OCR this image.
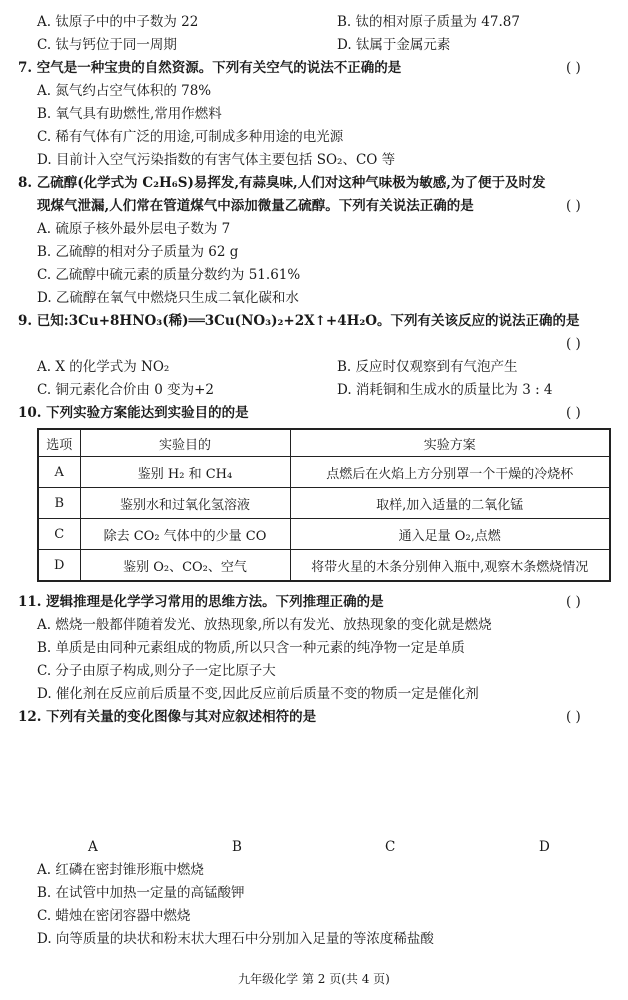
A. 钛原子中的中子数为 22	B. 钛的相对原子质量为 47.87
C. 钛与钙位于同一周期	D. 钛属于金属元素
7. 空气是一种宝贵的自然资源。下列有关空气的说法不正确的是	( )
A. 氮气约占空气体积的 78%
B. 氧气具有助燃性,常用作燃料
C. 稀有气体有广泛的用途,可制成多种用途的电光源
D. 目前计入空气污染指数的有害气体主要包括 SO₂、CO 等
8. 乙硫醇(化学式为 C₂H₆S)易挥发,有蒜臭味,人们对这种气味极为敏感,为了便于及时发
现煤气泄漏,人们常在管道煤气中添加微量乙硫醇。下列有关说法正确的是	( )
A. 硫原子核外最外层电子数为 7
B. 乙硫醇的相对分子质量为 62 g
C. 乙硫醇中硫元素的质量分数约为 51.61%
D. 乙硫醇在氧气中燃烧只生成二氧化碳和水
9. 已知:3Cu+8HNO₃(稀)══3Cu(NO₃)₂+2X↑+4H₂O。下列有关该反应的说法正确的是
( )
A. X 的化学式为 NO₂	B. 反应时仅观察到有气泡产生
C. 铜元素化合价由 0 变为+2	D. 消耗铜和生成水的质量比为 3 : 4
10. 下列实验方案能达到实验目的的是	( )
选项	实验目的	实验方案
A	鉴别 H₂ 和 CH₄	点燃后在火焰上方分别罩一个干燥的冷烧杯
B	鉴别水和过氧化氢溶液	取样,加入适量的二氧化锰
C	除去 CO₂ 气体中的少量 CO	通入足量 O₂,点燃
D	鉴别 O₂、CO₂、空气	将带火星的木条分别伸入瓶中,观察木条燃烧情况
11. 逻辑推理是化学学习常用的思维方法。下列推理正确的是	( )
A. 燃烧一般都伴随着发光、放热现象,所以有发光、放热现象的变化就是燃烧
B. 单质是由同种元素组成的物质,所以只含一种元素的纯净物一定是单质
C. 分子由原子构成,则分子一定比原子大
D. 催化剂在反应前后质量不变,因此反应前后质量不变的物质一定是催化剂
12. 下列有关量的变化图像与其对应叙述相符的是	( )
A	B	C	D
A. 红磷在密封锥形瓶中燃烧
B. 在试管中加热一定量的高锰酸钾
C. 蜡烛在密闭容器中燃烧
D. 向等质量的块状和粉末状大理石中分别加入足量的等浓度稀盐酸
九年级化学 第 2 页(共 4 页)
